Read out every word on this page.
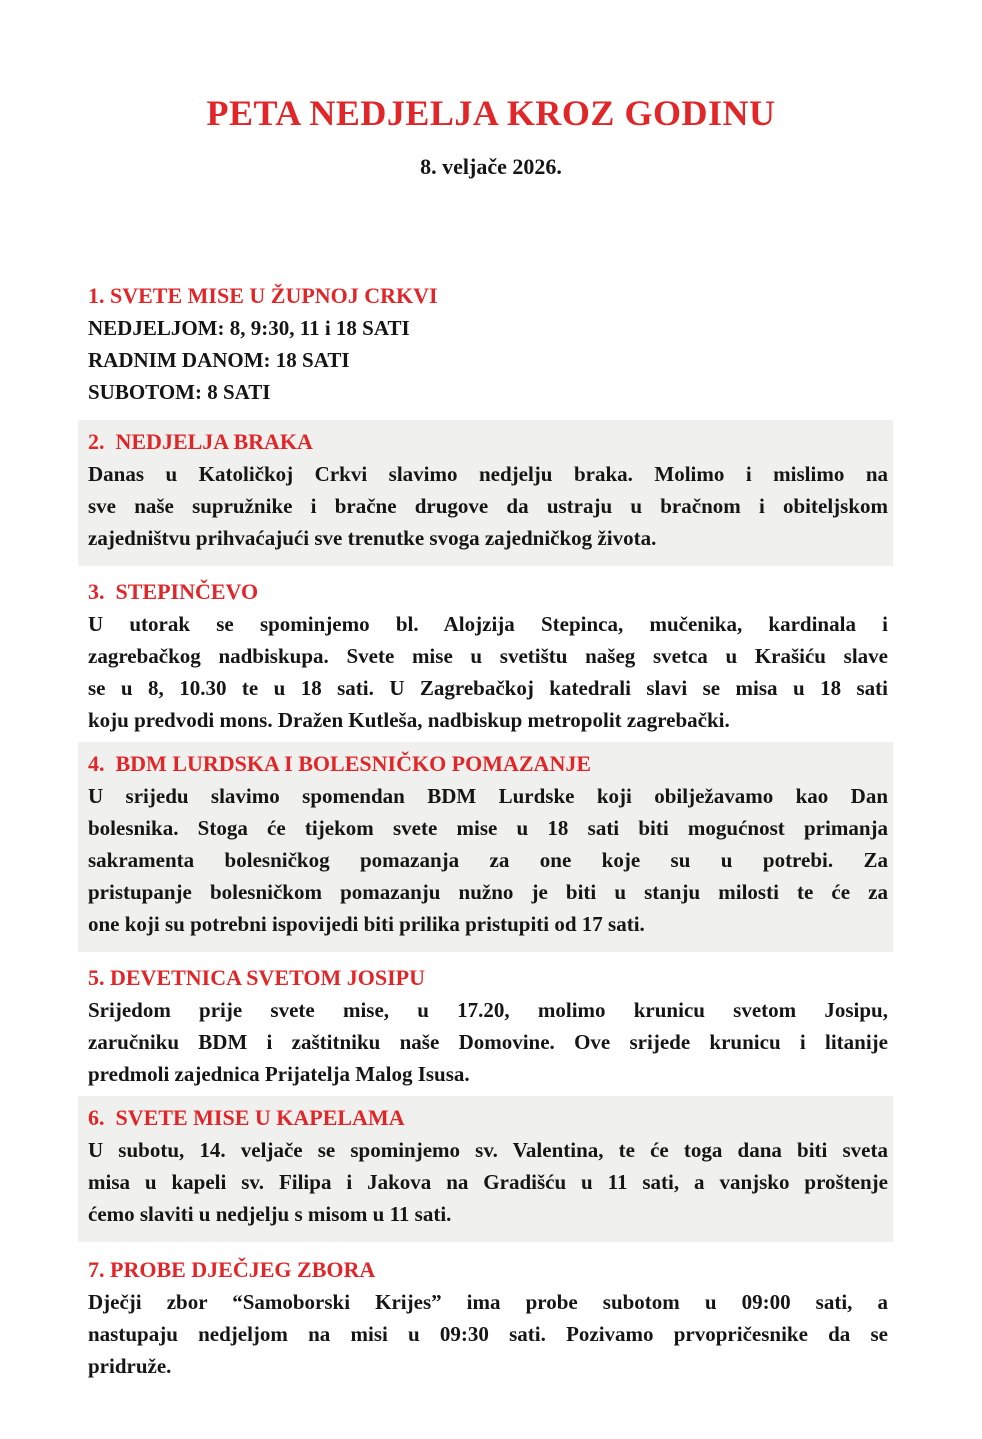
PETA NEDJELJA KROZ GODINU
8. veljače 2026.
1. SVETE MISE U ŽUPNOJ CRKVI

NEDJELJOM: 8, 9:30, 11 i 18 SATI

RADNIM DANOM: 18 SATI

SUBOTOM: 8 SATI

2.  NEDJELJA BRAKA

Danas u Katoličkoj Crkvi slavimo nedjelju braka. Molimo i mislimo na

sve naše supružnike i bračne drugove da ustraju u bračnom i obiteljskom

zajedništvu prihvaćajući sve trenutke svoga zajedničkog života.

3.  STEPINČEVO

U utorak se spominjemo bl. Alojzija Stepinca, mučenika, kardinala i

zagrebačkog nadbiskupa. Svete mise u svetištu našeg svetca u Krašiću slave

se u 8, 10.30 te u 18 sati. U Zagrebačkoj katedrali slavi se misa u 18 sati

koju predvodi mons. Dražen Kutleša, nadbiskup metropolit zagrebački.

4.  BDM LURDSKA I BOLESNIČKO POMAZANJE

U srijedu slavimo spomendan BDM Lurdske koji obilježavamo kao Dan

bolesnika. Stoga će tijekom svete mise u 18 sati biti mogućnost primanja

sakramenta bolesničkog pomazanja za one koje su u potrebi. Za

pristupanje bolesničkom pomazanju nužno je biti u stanju milosti te će za

one koji su potrebni ispovijedi biti prilika pristupiti od 17 sati.

5. DEVETNICA SVETOM JOSIPU

Srijedom prije svete mise, u 17.20, molimo krunicu svetom Josipu,

zaručniku BDM i zaštitniku naše Domovine. Ove srijede krunicu i litanije

predmoli zajednica Prijatelja Malog Isusa.

6.  SVETE MISE U KAPELAMA

U subotu, 14. veljače se spominjemo sv. Valentina, te će toga dana biti sveta

misa u kapeli sv. Filipa i Jakova na Gradišću u 11 sati, a vanjsko proštenje

ćemo slaviti u nedjelju s misom u 11 sati.

7. PROBE DJEČJEG ZBORA

Dječji zbor “Samoborski Krijes” ima probe subotom u 09:00 sati, a

nastupaju nedjeljom na misi u 09:30 sati. Pozivamo prvopričesnike da se

pridruže.
